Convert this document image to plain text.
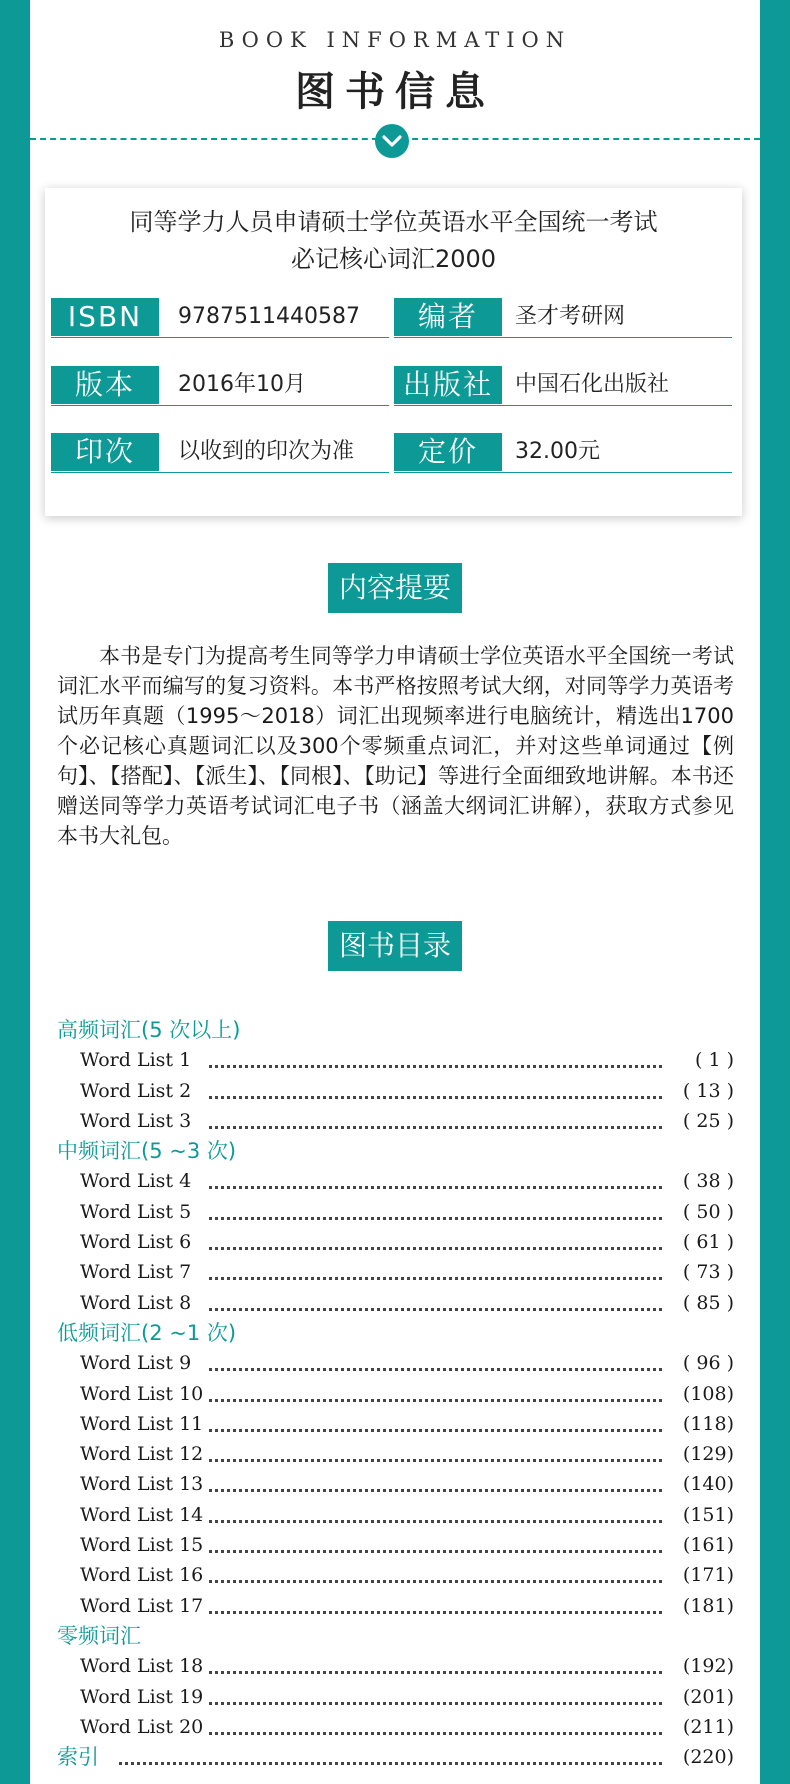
BOOK INFORMATION
图书信息
同等学力人员申请硕士学位英语水平全国统一考试
必记核心词汇2000
ISBN	9787511440587	编者	圣才考研网
版本	2016年10月	出版社	中国石化出版社
印次	以收到的印次为准	定价	32.00元
内容提要

本书是专门为提高考生同等学力申请硕士学位英语水平全国统一考试词汇水平而编写的复习资料。本书严格按照考试大纲，对同等学力英语考试历年真题（1995～2018）词汇出现频率进行电脑统计，精选出1700个必记核心真题词汇以及300个零频重点词汇，并对这些单词通过【例句】、【搭配】、【派生】、【同根】、【助记】等进行全面细致地讲解。本书还赠送同等学力英语考试词汇电子书（涵盖大纲词汇讲解），获取方式参见本书大礼包。

图书目录
高频词汇(5 次以上)
Word List 1	( 1 )
Word List 2	( 13 )
Word List 3	( 25 )
中频词汇(5 ~3 次)
Word List 4	( 38 )
Word List 5	( 50 )
Word List 6	( 61 )
Word List 7	( 73 )
Word List 8	( 85 )
低频词汇(2 ~1 次)
Word List 9	( 96 )
Word List 10	(108)
Word List 11	(118)
Word List 12	(129)
Word List 13	(140)
Word List 14	(151)
Word List 15	(161)
Word List 16	(171)
Word List 17	(181)
零频词汇
Word List 18	(192)
Word List 19	(201)
Word List 20	(211)
索引	(220)
